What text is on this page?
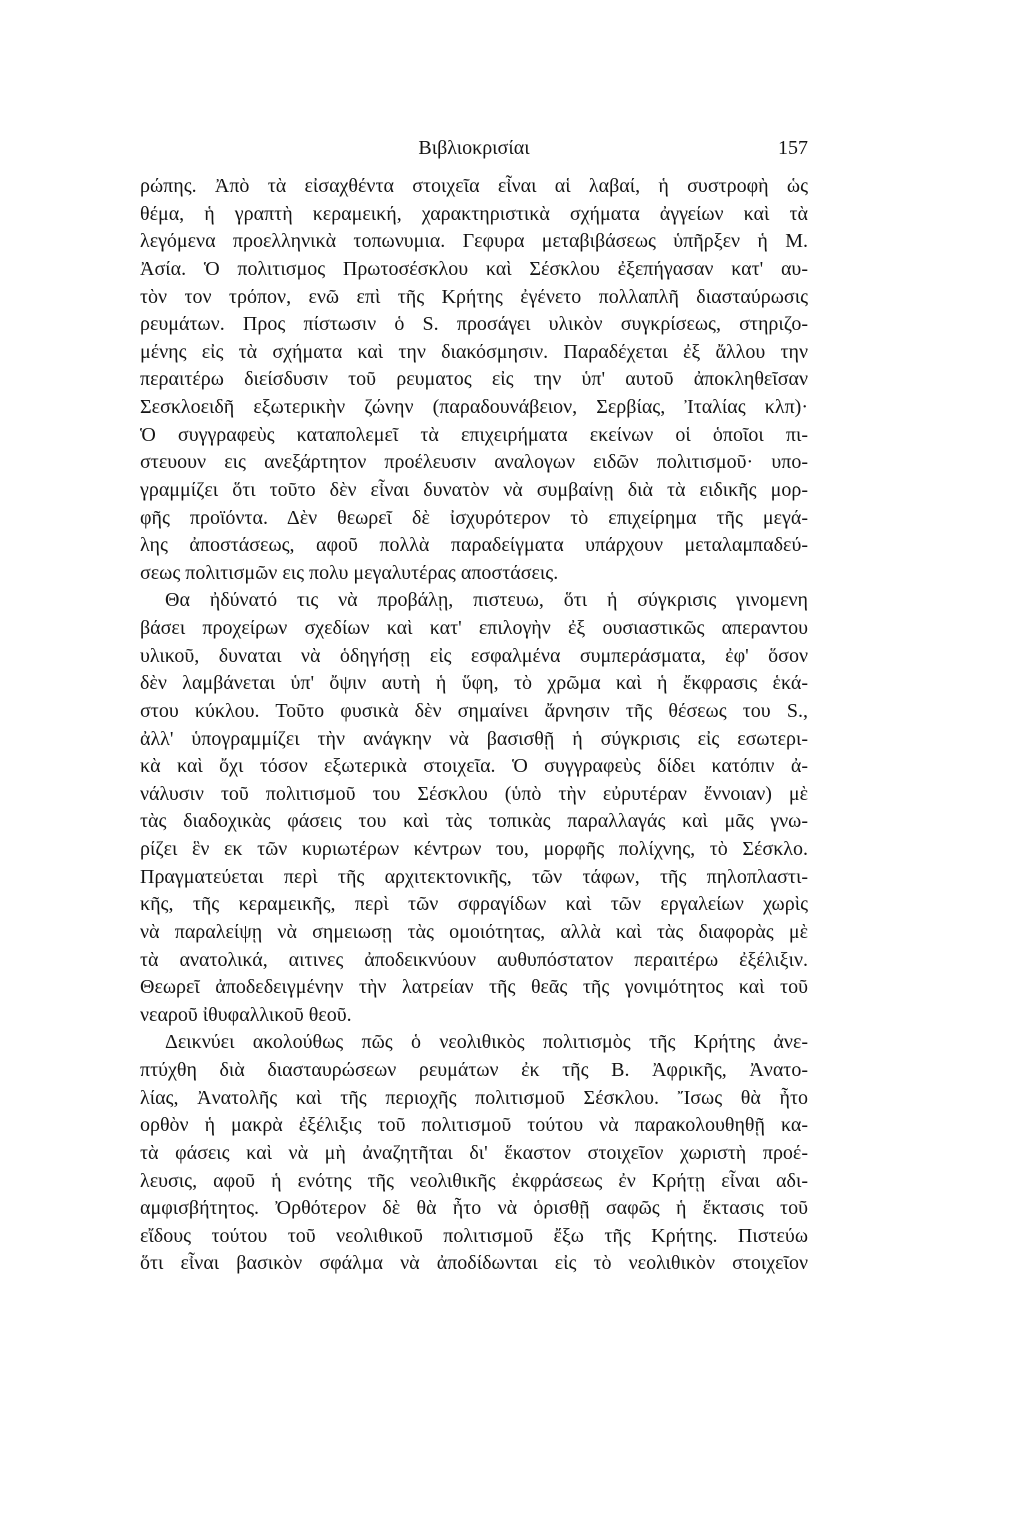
Βιβλιοκρισίαι	157
ρώπης. Ἀπὸ τὰ εἰσαχθέντα στοιχεῖα εἶναι αἱ λαβαί, ἡ συστροφὴ ὡς
θέμα, ἡ γραπτὴ κεραμεική, χαρακτηριστικὰ σχήματα ἀγγείων καὶ τὰ
λεγόμενα προελληνικὰ τοπωνυμια. Γεφυρα μεταβιβάσεως ὑπῆρξεν ἡ Μ.
Ἀσία. Ὁ πολιτισμος Πρωτοσέσκλου καὶ Σέσκλου ἐξεπήγασαν κατ' αυ-
τὸν τον τρόπον, ενῶ επὶ τῆς Κρήτης ἐγένετο πολλαπλῆ διασταύρωσις
ρευμάτων. Προς πίστωσιν ὁ S. προσάγει υλικὸν συγκρίσεως, στηριζο-
μένης εἰς τὰ σχήματα καὶ την διακόσμησιν. Παραδέχεται ἐξ ἄλλου την
περαιτέρω διείσδυσιν τοῦ ρευματος εἰς την ὑπ' αυτοῦ ἀποκληθεῖσαν
Σεσκλοειδῆ εξωτερικὴν ζώνην (παραδουνάβειον, Σερβίας, Ἰταλίας κλπ)·
Ὁ συγγραφεὺς καταπολεμεῖ τὰ επιχειρήματα εκείνων οἱ ὁποῖοι πι-
στευουν εις ανεξάρτητον προέλευσιν αναλογων ειδῶν πολιτισμοῦ· υπο-
γραμμίζει ὅτι τοῦτο δὲν εἶναι δυνατὸν νὰ συμβαίνῃ διὰ τὰ ειδικῆς μορ-
φῆς προϊόντα. Δὲν θεωρεῖ δὲ ἰσχυρότερον τὸ επιχείρημα τῆς μεγά-
λης ἀποστάσεως, αφοῦ πολλὰ παραδείγματα υπάρχουν μεταλαμπαδεύ-
σεως πολιτισμῶν εις πολυ μεγαλυτέρας αποστάσεις.
Θα ἠδύνατό τις νὰ προβάλῃ, πιστευω, ὅτι ἡ σύγκρισις γινομενη
βάσει προχείρων σχεδίων καὶ κατ' επιλογὴν ἐξ ουσιαστικῶς απεραντου
υλικοῦ, δυναται νὰ ὁδηγήσῃ εἰς εσφαλμένα συμπεράσματα, ἐφ' ὅσον
δὲν λαμβάνεται ὑπ' ὄψιν αυτὴ ἡ ὕφη, τὸ χρῶμα καὶ ἡ ἔκφρασις ἑκά-
στου κύκλου. Τοῦτο φυσικὰ δὲν σημαίνει ἄρνησιν τῆς θέσεως του S.,
ἀλλ' ὑπογραμμίζει τὴν ανάγκην νὰ βασισθῇ ἡ σύγκρισις εἰς εσωτερι-
κὰ καὶ ὄχι τόσον εξωτερικὰ στοιχεῖα. Ὁ συγγραφεὺς δίδει κατόπιν ἀ-
νάλυσιν τοῦ πολιτισμοῦ του Σέσκλου (ὑπὸ τὴν εὐρυτέραν ἔννοιαν) μὲ
τὰς διαδοχικὰς φάσεις του καὶ τὰς τοπικὰς παραλλαγάς καὶ μᾶς γνω-
ρίζει ἓν εκ τῶν κυριωτέρων κέντρων του, μορφῆς πολίχνης, τὸ Σέσκλο.
Πραγματεύεται περὶ τῆς αρχιτεκτονικῆς, τῶν τάφων, τῆς πηλοπλαστι-
κῆς, τῆς κεραμεικῆς, περὶ τῶν σφραγίδων καὶ τῶν εργαλείων χωρὶς
νὰ παραλείψῃ νὰ σημειωσῃ τὰς ομοιότητας, αλλὰ καὶ τὰς διαφορὰς μὲ
τὰ ανατολικά, αιτινες ἀποδεικνύουν αυθυπόστατον περαιτέρω ἐξέλιξιν.
Θεωρεῖ ἀποδεδειγμένην τὴν λατρείαν τῆς θεᾶς τῆς γονιμότητος καὶ τοῦ
νεαροῦ ἰθυφαλλικοῦ θεοῦ.
Δεικνύει ακολούθως πῶς ὁ νεολιθικὸς πολιτισμὸς τῆς Κρήτης ἀνε-
πτύχθη διὰ διασταυρώσεων ρευμάτων ἐκ τῆς Β. Ἀφρικῆς, Ἀνατο-
λίας, Ἀνατολῆς καὶ τῆς περιοχῆς πολιτισμοῦ Σέσκλου. Ἴσως θὰ ἦτο
ορθὸν ἡ μακρὰ ἐξέλιξις τοῦ πολιτισμοῦ τούτου νὰ παρακολουθηθῇ κα-
τὰ φάσεις καὶ νὰ μὴ ἀναζητῆται δι' ἕκαστον στοιχεῖον χωριστὴ προέ-
λευσις, αφοῦ ἡ ενότης τῆς νεολιθικῆς ἐκφράσεως ἐν Κρήτῃ εἶναι αδι-
αμφισβήτητος. Ὀρθότερον δὲ θὰ ἦτο νὰ ὁρισθῇ σαφῶς ἡ ἔκτασις τοῦ
εἴδους τούτου τοῦ νεολιθικοῦ πολιτισμοῦ ἔξω τῆς Κρήτης. Πιστεύω
ὅτι εἶναι βασικὸν σφάλμα νὰ ἀποδίδωνται εἰς τὸ νεολιθικὸν στοιχεῖον
